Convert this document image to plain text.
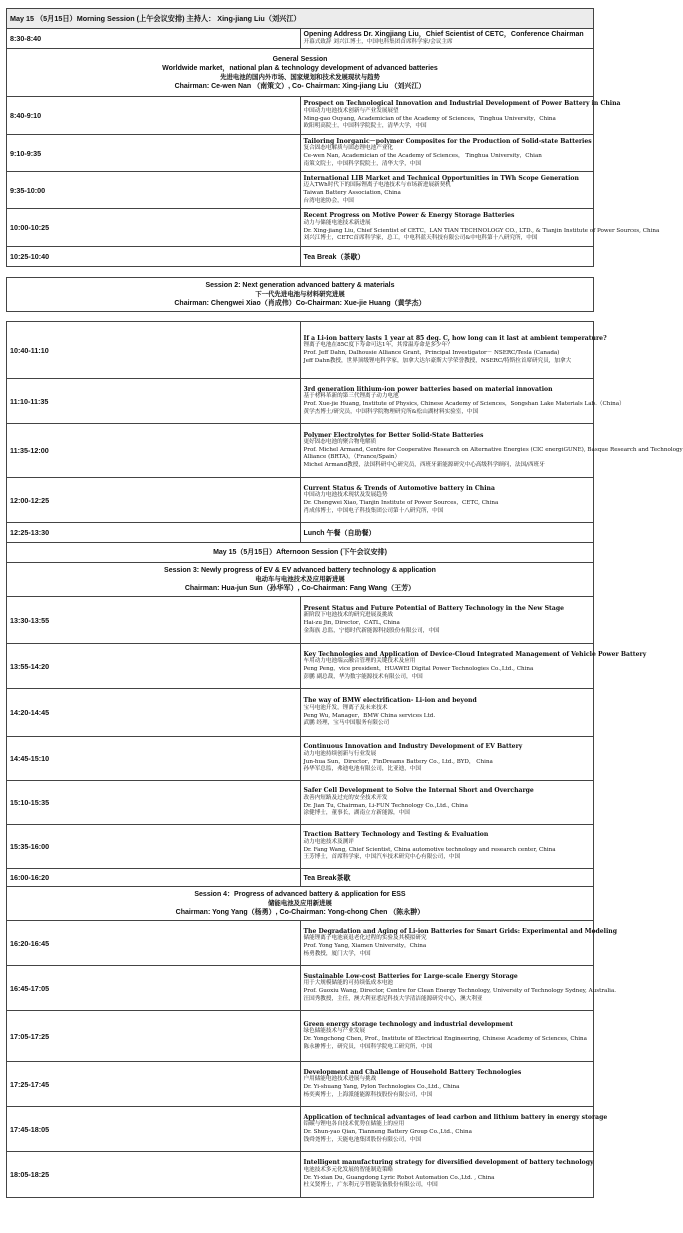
May 15 （5月15日）Morning Session (上午会议安排) 主持人： Xing-jiang Liu（刘兴江）	
8:30-8:40	Opening Address Dr. Xingjiang Liu，Chief Scientist of CETC，Conference Chairman
开幕式致辞 刘兴江博士，中国电科集团首席科学家/会议主席

General Session
Worldwide market，national plan & technology development of advanced batteries
先进电池的国内外市场、国家规划和技术发展现状与趋势
Chairman: Ce-wen Nan （南策文）, Co- Chairman: Xing-jiang Liu （刘兴江）	

8:40-9:10	Prospect on Technological Innovation and Industrial Development of Power Battery in China
中国动力电池技术创新与产业发展展望
Ming-gao Ouyang, Academician of the Academy of Sciences，Tinghua University，China
欧阳明高院士，中国科学院院士，清华大学，中国

9:10-9:35	Tailoring Inorganic－polymer Composites for the Production of Solid-state Batteries
复合固态电解质与固态锂电池产业化
Ce-wen Nan, Academician of the Academy of Sciences， Tinghua University，Chian
南策文院士，中国科学院院士，清华大学，中国

9:35-10:00	International LIB Market and Technical Opportunities in TWh Scope Generation
迈入TWh时代下的国际锂离子电池技术与市场新进展新契机
Taiwan Battery Association, China
台湾电池协会，中国

10:00-10:25	Recent Progress on Motive Power & Energy Storage Batteries
动力与储能电池技术新进展
Dr. Xing-jiang Liu, Chief Scientist of CETC，LAN TIAN TECHNOLOGY CO., LTD., & Tianjin Institute of Power Sources, China
刘兴江博士，CETC首席科学家，总工，中电科蓝天科技有限公司&中电科第十八研究所，中国

10:25-10:40	Tea Break（茶歇）

Session 2: Next generation advanced battery & materials
下一代先进电池与材料研究进展
Chairman: Chengwei Xiao（肖成伟）Co-Chairman: Xue-jie Huang（黄学杰）	

10:40-11:10	If a Li-ion battery lasts 1 year at 85 deg. C, how long can it last at ambient temperature?
锂离子电池在85C度下寿命可达1年，其常温寿命是多少年？
Prof. Jeff Dahn, Dalhousie Alliance Grant，Principal Investigator－ NSERC/Tesla (Canada)
Jeff Dahn教授，世界顶级锂电科学家，加拿大达尔豪斯大学荣誉教授，NSERC/特斯拉首席研究员，加拿大

11:10-11:35	3rd generation lithium-ion power batteries based on material innovation
基于材料革新的第三代锂离子动力电池
Prof. Xue-jie Huang, Institute of Physics, Chinese Academy of Sciences，Songshan Lake Materials Lab.（China）
黄学杰博士/研究员，中国科学院物理研究所&松山湖材料实验室，中国

11:35-12:00	Polymer Electrolytes for Better Solid-State Batteries
更好固态电池的聚合物电解质
Prof. Michel Armand, Centre for Cooperative Research on Alternative Energies (CIC energiGUNE), Basque Research and Technology
Alliance (BRTA)，（France/Spain）
Michel Armand教授，法国科研中心研究员，西班牙新能源研究中心高级科学顾问，法国/西班牙

12:00-12:25	Current Status & Trends of Automotive battery in China
中国动力电池技术现状及发展趋势
Dr. Chengwei Xiao, Tianjin Institute of Power Sources，CETC, China
肖成伟博士，中国电子科技集团公司第十八研究所，中国

12:25-13:30	Lunch 午餐（自助餐）
May 15（5月15日）Afternoon Session (下午会议安排)	

Session 3: Newly progress of EV & EV advanced battery technology & application
电动车与电池技术及应用新进展
Chairman: Hua-jun Sun（孙华军）, Co-Chairman: Fang Wang（王芳）	

13:30-13:55	Present Status and Future Potential of Battery Technology in the New Stage
新阶段下电池技术的研究进展及挑战
Hai-zu Jin, Director，CATL, China
金海族 总监，宁德时代新能源科技股份有限公司，中国

13:55-14:20	Key Technologies and Application of Device-Cloud Integrated Management of Vehicle Power Battery
车用动力电池端云融合管理的关键技术及应用
Peng Peng，vice president，HUAWEI Digital Power Technologies Co.,Ltd., China
彭鹏 副总裁，华为数字能源技术有限公司，中国

14:20-14:45	The way of BMW electrification- Li-ion and beyond
宝马电池开发，锂离子及未来技术
Peng Wu, Manager，BMW China services Ltd.
武鹏 经理，宝马中国服务有限公司

14:45-15:10	Continuous Innovation and Industry Development of EV Battery
动力电池持续创新与行业发展
Jun-hua Sun，Director，FinDreams Battery Co., Ltd., BYD， China
孙华军总监，弗迪电池有限公司，比亚迪，中国

15:10-15:35	Safer Cell Development to Solve the Internal Short and Overcharge
改善内短路及过充的安全技术开发
Dr. Jian Tu, Chairman, Li-FUN Technology Co.,Ltd., China
涂健博士，董事长，湖南立方新能源，中国

15:35-16:00	Traction Battery Technology and Testing & Evaluation
动力电池技术及测评
Dr. Fang Wang, Chief Scientist, China automotive technology and research center, China
王芳博士，首席科学家，中国汽车技术研究中心有限公司，中国

16:00-16:20	Tea Break茶歇

Session 4：Progress of advanced battery & application for ESS
储能电池及应用新进展
Chairman: Yong Yang（杨勇）, Co-Chairman: Yong-chong Chen （陈永翀）	

16:20-16:45	The Degradation and Aging of Li-ion Batteries for Smart Grids: Experimental and Modeling
储能锂离子电池衰退老化过程的实验及其模拟研究
Prof. Yong Yang, Xiamen University，China
杨勇教授，厦门大学，中国

16:45-17:05	Sustainable Low-cost Batteries for Large-scale Energy Storage
用于大规模储能的可持续低成本电池
Prof. Guoxiu Wang, Director, Centre for Clean Energy Technology, University of Technology Sydney, Australia.
汪国秀教授，主任，澳大利亚悉尼科技大学清洁能源研究中心，澳大利亚

17:05-17:25	Green energy storage technology and industrial development
绿色储能技术与产业发展
Dr. Yongchong Chen, Prof., Institute of Electrical Engineering, Chinese Academy of Sciences, China
陈永翀博士，研究员，中国科学院电工研究所，中国

17:25-17:45	Development and Challenge of Household Battery Technologies
户用储能电池技术进展与挑战
Dr. Yi-shuang Yang, Pylon Technologies Co.,Ltd., China
杨奕爽博士，上海派能能源科技股份有限公司，中国

17:45-18:05	Application of technical advantages of lead carbon and lithium battery in energy storage
铅碳与锂电各自技术优势在储能上的应用
Dr. Shun-yao Qian, Tianneng Battery Group Co.,Ltd., China
钱舜尧博士，天能电池集团股份有限公司，中国

18:05-18:25	Intelligent manufacturing strategy for diversified development of battery technology
电池技术多元化发展的智能制造策略
Dr. Yi-xian Du, Guangdong Lyric Robot Automation Co.,Ltd. , China
杜义贤博士，广东利元亨智能装备股份有限公司，中国
